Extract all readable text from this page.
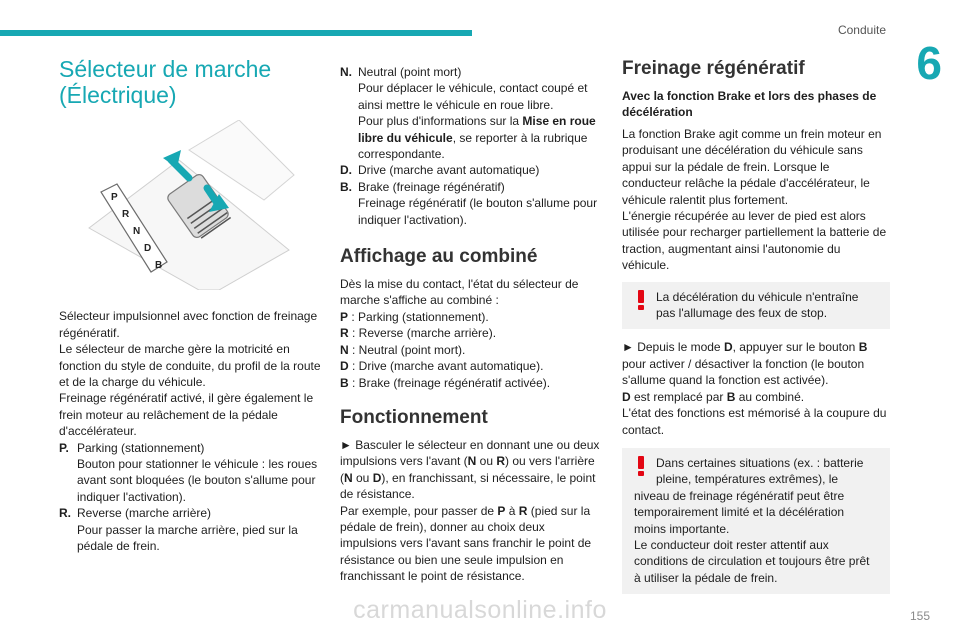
Conduite
6
Sélecteur de marche
(Électrique)
P
R
N
D
B

Sélecteur impulsionnel avec fonction de freinage régénératif.

Le sélecteur de marche gère la motricité en fonction du style de conduite, du profil de la route et de la charge du véhicule.

Freinage régénératif activé, il gère également le frein moteur au relâchement de la pédale d'accélérateur.

P. Parking (stationnement)
Bouton pour stationner le véhicule : les roues avant sont bloquées (le bouton s'allume pour indiquer l'activation).
R. Reverse (marche arrière)
Pour passer la marche arrière, pied sur la pédale de frein.
N. Neutral (point mort)
Pour déplacer le véhicule, contact coupé et ainsi mettre le véhicule en roue libre.
Pour plus d'informations sur la Mise en roue libre du véhicule, se reporter à la rubrique correspondante.
D. Drive (marche avant automatique)
B. Brake (freinage régénératif)
Freinage régénératif (le bouton s'allume pour indiquer l'activation).
Affichage au combiné

Dès la mise du contact, l'état du sélecteur de marche s'affiche au combiné :

P : Parking (stationnement).

R : Reverse (marche arrière).

N : Neutral (point mort).

D : Drive (marche avant automatique).

B : Brake (freinage régénératif activée).

Fonctionnement

► Basculer le sélecteur en donnant une ou deux impulsions vers l'avant (N ou R) ou vers l'arrière (N ou D), en franchissant, si nécessaire, le point de résistance.

Par exemple, pour passer de P à R (pied sur la pédale de frein), donner au choix deux impulsions vers l'avant sans franchir le point de résistance ou bien une seule impulsion en franchissant le point de résistance.

Freinage régénératif
Avec la fonction Brake et lors des phases de décélération

La fonction Brake agit comme un frein moteur en produisant une décélération du véhicule sans appui sur la pédale de frein. Lorsque le conducteur relâche la pédale d'accélérateur, le véhicule ralentit plus fortement.

L'énergie récupérée au lever de pied est alors utilisée pour recharger partiellement la batterie de traction, augmentant ainsi l'autonomie du véhicule.

La décélération du véhicule n'entraîne pas l'allumage des feux de stop.

► Depuis le mode D, appuyer sur le bouton B pour activer / désactiver la fonction (le bouton s'allume quand la fonction est activée).

D est remplacé par B au combiné.

L'état des fonctions est mémorisé à la coupure du contact.

Dans certaines situations (ex. : batterie

pleine, températures extrêmes), le

niveau de freinage régénératif peut être temporairement limité et la décélération moins importante.

Le conducteur doit rester attentif aux conditions de circulation et toujours être prêt à utiliser la pédale de frein.

155
carmanualsonline.info
